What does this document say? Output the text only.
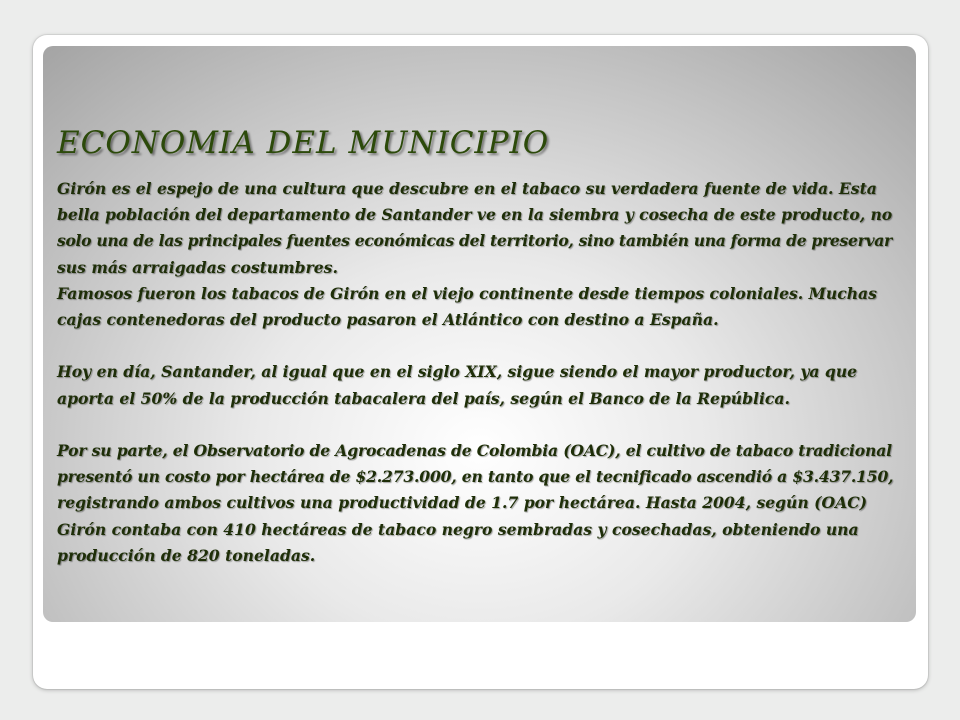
ECONOMIA DEL MUNICIPIO

Girón es el espejo de una cultura que descubre en el tabaco su verdadera fuente de vida. Esta

bella población del departamento de Santander ve en la siembra y cosecha de este producto, no

solo una de las principales fuentes económicas del territorio, sino también una forma de preservar

sus más arraigadas costumbres.

Famosos fueron los tabacos de Girón en el viejo continente desde tiempos coloniales. Muchas

cajas contenedoras del producto pasaron el Atlántico con destino a España.

Hoy en día, Santander, al igual que en el siglo XIX, sigue siendo el mayor productor, ya que

aporta el 50% de la producción tabacalera del país, según el Banco de la República.

Por su parte, el Observatorio de Agrocadenas de Colombia (OAC), el cultivo de tabaco tradicional

presentó un costo por hectárea de $2.273.000, en tanto que el tecnificado ascendió a $3.437.150,

registrando ambos cultivos una productividad de 1.7 por hectárea. Hasta 2004, según (OAC)

Girón contaba con 410 hectáreas de tabaco negro sembradas y cosechadas, obteniendo una

producción de 820 toneladas.
